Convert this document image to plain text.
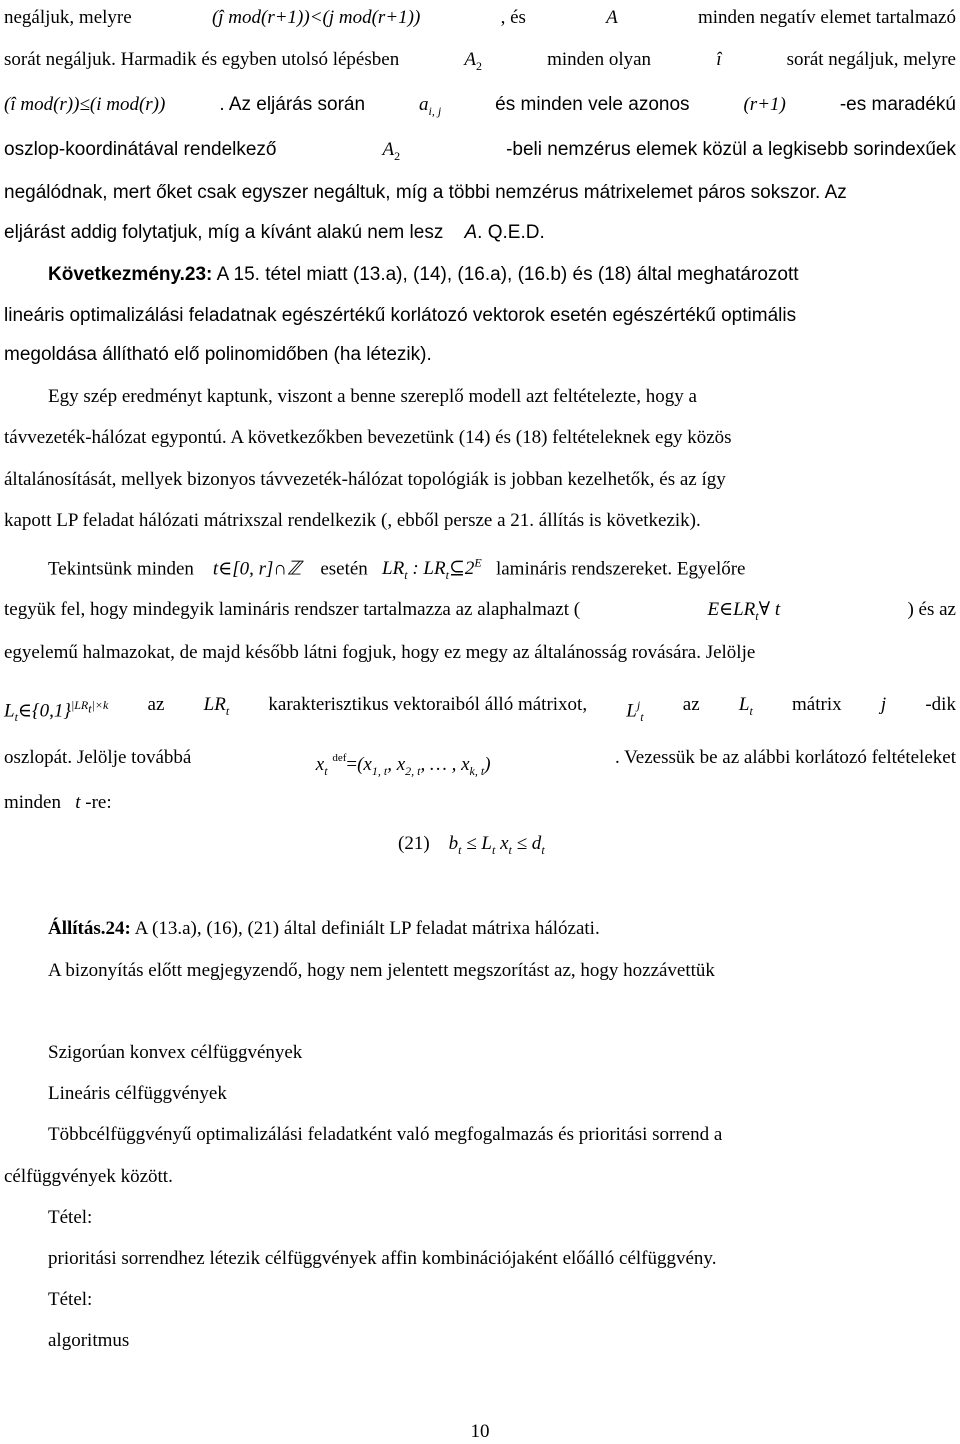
negáljuk, melyre	(ĵ mod(r+1))<(j mod(r+1))	, és	A	minden negatív elemet tartalmazó
sorát negáljuk. Harmadik és egyben utolsó lépésben	$A_2$	minden olyan	î	sorát negáljuk, melyre
(î mod(r))≤(i mod(r))	. Az eljárás során	$a_{i, j}$	és minden vele azonos	(r+1)	-es maradékú
oszlop-koordinátával rendelkező	$A_2$	-beli nemzérus elemek közül a legkisebb sorindexűek
negálódnak, mert őket csak egyszer negáltuk, míg a többi nemzérus mátrixelemet páros sokszor. Az
eljárást addig folytatjuk, míg a kívánt alakú nem lesz A. Q.E.D.
Következmény.23: A 15. tétel miatt (13.a), (14), (16.a), (16.b) és (18) által meghatározott
lineáris optimalizálási feladatnak egészértékű korlátozó vektorok esetén egészértékű optimális
megoldása állítható elő polinomidőben (ha létezik).
Egy szép eredményt kaptunk, viszont a benne szereplő modell azt feltételezte, hogy a
távvezeték-hálózat egypontú. A következőkben bevezetünk (14) és (18) feltételeknek egy közös
általánosítását, mellyek bizonyos távvezeték-hálózat topológiák is jobban kezelhetők, és az így
kapott LP feladat hálózati mátrixszal rendelkezik (, ebből persze a 21. állítás is következik).
Tekintsünk minden t∈[0, r]∩ℤ esetén $LR_t$ : $LR_t⊆2^E$ lamináris rendszereket. Egyelőre
tegyük fel, hogy mindegyik lamináris rendszer tartalmazza az alaphalmazt (	$E\in LR_t\forall$ t	) és az
egyelemű halmazokat, de majd később látni fogjuk, hogy ez megy az általánosság rovására. Jelölje
$L_t\in\{0,1\}^{|LR_t|\times k}$ az $LR_t$ karakterisztikus vektoraiból álló mátrixot, $L^j_t$
az $L_t$ mátrix j -dik
oszlopát. Jelölje továbbá	$x_t$ $^{def}=(x_{1, t}$, $x_{2, t}$, … , $x_{k, t}$)	. Vezessük be az alábbi korlátozó feltételeket
minden t -re:
(21) $b_t \le L_t$ $x_t \le d_t$
Állítás.24: A (13.a), (16), (21) által definiált LP feladat mátrixa hálózati.
A bizonyítás előtt megjegyzendő, hogy nem jelentett megszorítást az, hogy hozzávettük
Szigorúan konvex célfüggvények
Lineáris célfüggvények
Többcélfüggvényű optimalizálási feladatként való megfogalmazás és prioritási sorrend a
célfüggvények között.
Tétel:
prioritási sorrendhez létezik célfüggvények affin kombinációjaként előálló célfüggvény.
Tétel:
algoritmus
10
